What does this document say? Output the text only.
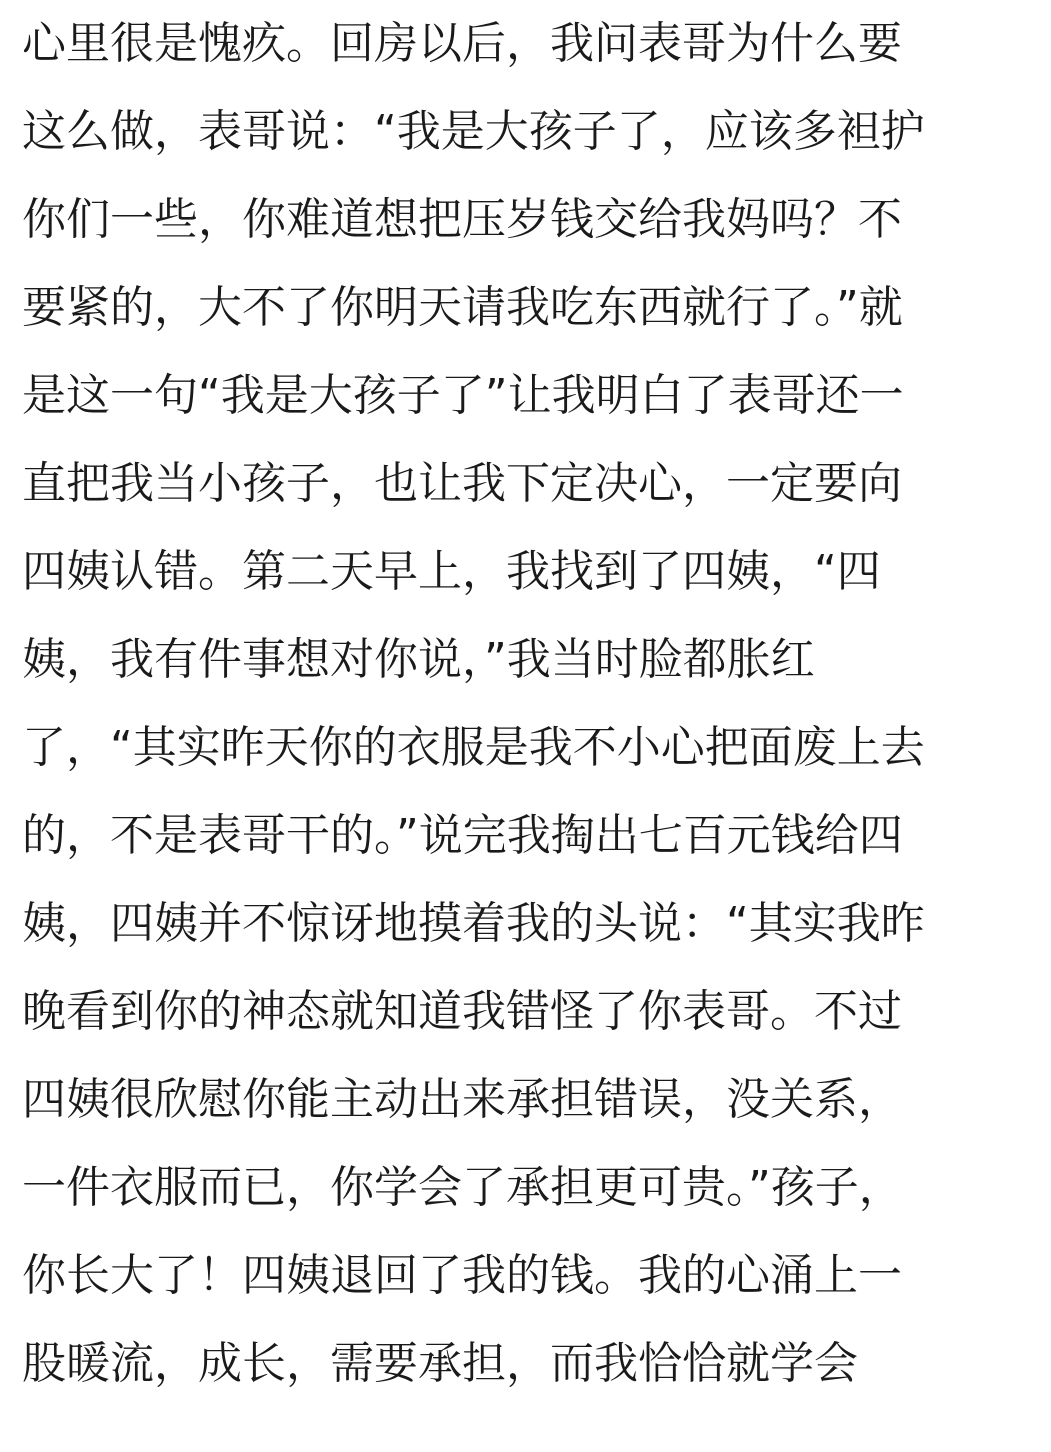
心里很是愧疚。回房以后，我问表哥为什么要
这么做，表哥说：“我是大孩子了，应该多袒护
你们一些，你难道想把压岁钱交给我妈吗？不
要紧的，大不了你明天请我吃东西就行了。”就
是这一句“我是大孩子了”让我明白了表哥还一
直把我当小孩子，也让我下定决心，一定要向
四姨认错。第二天早上，我找到了四姨，“四
姨，我有件事想对你说，”我当时脸都胀红
了，“其实昨天你的衣服是我不小心把面废上去
的，不是表哥干的。”说完我掏出七百元钱给四
姨，四姨并不惊讶地摸着我的头说：“其实我昨
晚看到你的神态就知道我错怪了你表哥。不过
四姨很欣慰你能主动出来承担错误，没关系，
一件衣服而已，你学会了承担更可贵。”孩子，
你长大了！四姨退回了我的钱。我的心涌上一
股暖流，成长，需要承担，而我恰恰就学会
